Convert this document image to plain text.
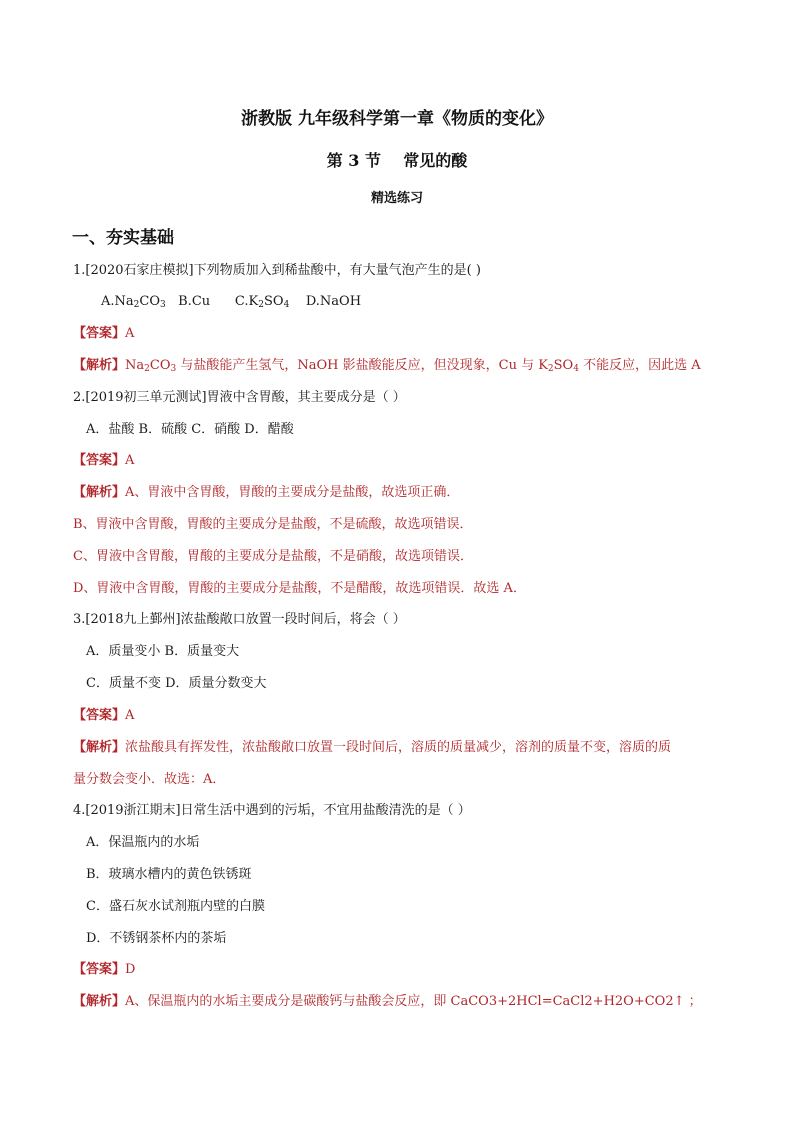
浙教版 九年级科学第一章《物质的变化》
第 3 节    常见的酸
精选练习
一、夯实基础
1.[2020石家庄模拟]下列物质加入到稀盐酸中，有大量气泡产生的是( )
$A.Na_2CO_3$   B.Cu      $C.K_2SO_4$    D.NaOH
【答案】A
【解析】$Na_2CO_3$ 与盐酸能产生氢气，NaOH 影盐酸能反应，但没现象，Cu 与 $K_2SO_4$ 不能反应，因此选 A
2.[2019初三单元测试]胃液中含胃酸，其主要成分是（ ）
A．盐酸 B．硫酸 C．硝酸 D．醋酸
【答案】A
【解析】A、胃液中含胃酸，胃酸的主要成分是盐酸，故选项正确．
B、胃液中含胃酸，胃酸的主要成分是盐酸，不是硫酸，故选项错误．
C、胃液中含胃酸，胃酸的主要成分是盐酸，不是硝酸，故选项错误．
D、胃液中含胃酸，胃酸的主要成分是盐酸，不是醋酸，故选项错误．故选 A．
3.[2018九上鄞州]浓盐酸敞口放置一段时间后，将会（ ）
A．质量变小 B．质量变大
C．质量不变 D．质量分数变大
【答案】A
【解析】浓盐酸具有挥发性，浓盐酸敞口放置一段时间后，溶质的质量减少，溶剂的质量不变，溶质的质
量分数会变小．故选：A．
4.[2019浙江期末]日常生活中遇到的污垢，不宜用盐酸清洗的是（ ）
A．保温瓶内的水垢
B．玻璃水槽内的黄色铁锈斑
C．盛石灰水试剂瓶内壁的白膜
D．不锈钢茶杯内的茶垢
【答案】D
【解析】A、保温瓶内的水垢主要成分是碳酸钙与盐酸会反应，即 CaCO3+2HCl=CaCl2+H2O+CO2↑ ；
